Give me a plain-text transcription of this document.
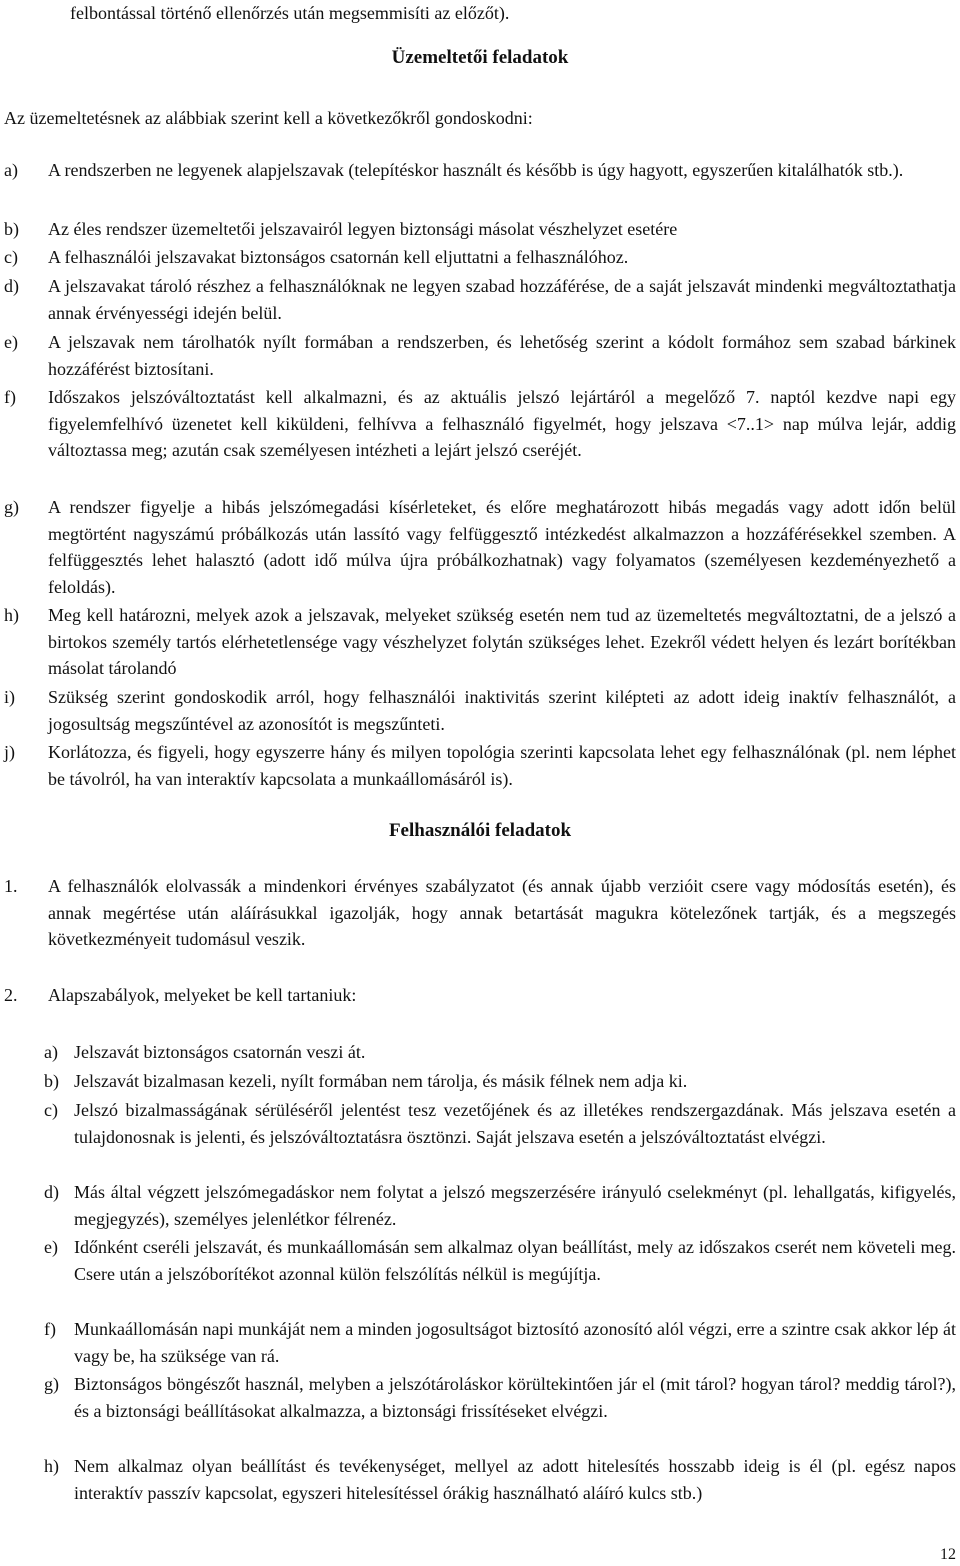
felbontással történő ellenőrzés után megsemmisíti az előzőt).
Üzemeltetői feladatok
Az üzemeltetésnek az alábbiak szerint kell a következőkről gondoskodni:
a)	A rendszerben ne legyenek alapjelszavak (telepítéskor használt és később is úgy hagyott, egyszerűen kitalálhatók stb.).
b)	Az éles rendszer üzemeltetői jelszavairól legyen biztonsági másolat vészhelyzet esetére
c)	A felhasználói jelszavakat biztonságos csatornán kell eljuttatni a felhasználóhoz.
d)	A jelszavakat tároló részhez a felhasználóknak ne legyen szabad hozzáférése, de a saját jelszavát mindenki megváltoztathatja annak érvényességi idején belül.
e)	A jelszavak nem tárolhatók nyílt formában a rendszerben, és lehetőség szerint a kódolt formához sem szabad bárkinek hozzáférést biztosítani.
f)	Időszakos jelszóváltoztatást kell alkalmazni, és az aktuális jelszó lejártáról a megelőző 7. naptól kezdve napi egy figyelemfelhívó üzenetet kell kiküldeni, felhívva a felhasználó figyelmét, hogy jelszava <7..1> nap múlva lejár, addig változtassa meg; azután csak személyesen intézheti a lejárt jelszó cseréjét.
g)	A rendszer figyelje a hibás jelszómegadási kísérleteket, és előre meghatározott hibás megadás vagy adott időn belül megtörtént nagyszámú próbálkozás után lassító vagy felfüggesztő intézkedést alkalmazzon a hozzáférésekkel szemben. A felfüggesztés lehet halasztó (adott idő múlva újra próbálkozhatnak) vagy folyamatos (személyesen kezdeményezhető a feloldás).
h)	Meg kell határozni, melyek azok a jelszavak, melyeket szükség esetén nem tud az üzemeltetés megváltoztatni, de a jelszó a birtokos személy tartós elérhetetlensége vagy vészhelyzet folytán szükséges lehet. Ezekről védett helyen és lezárt borítékban másolat tárolandó
i)	Szükség szerint gondoskodik arról, hogy felhasználói inaktivitás szerint kilépteti az adott ideig inaktív felhasználót, a jogosultság megszűntével az azonosítót is megszűnteti.
j)	Korlátozza, és figyeli, hogy egyszerre hány és milyen topológia szerinti kapcsolata lehet egy felhasználónak (pl. nem léphet be távolról, ha van interaktív kapcsolata a munkaállomásáról is).
Felhasználói feladatok
1.	A felhasználók elolvassák a mindenkori érvényes szabályzatot (és annak újabb verzióit csere vagy módosítás esetén), és annak megértése után aláírásukkal igazolják, hogy annak betartását magukra kötelezőnek tartják, és a megszegés következményeit tudomásul veszik.
2.	Alapszabályok, melyeket be kell tartaniuk:
a) Jelszavát biztonságos csatornán veszi át.
b) Jelszavát bizalmasan kezeli, nyílt formában nem tárolja, és másik félnek nem adja ki.
c) Jelszó bizalmasságának sérüléséről jelentést tesz vezetőjének és az illetékes rendszergazdának. Más jelszava esetén a tulajdonosnak is jelenti, és jelszóváltoztatásra ösztönzi. Saját jelszava esetén a jelszóváltoztatást elvégzi.
d) Más által végzett jelszómegadáskor nem folytat a jelszó megszerzésére irányuló cselekményt (pl. lehallgatás, kifigyelés, megjegyzés), személyes jelenlétkor félrenéz.
e) Időnként cseréli jelszavát, és munkaállomásán sem alkalmaz olyan beállítást, mely az időszakos cserét nem követeli meg. Csere után a jelszóborítékot azonnal külön felszólítás nélkül is megújítja.
f)	Munkaállomásán napi munkáját nem a minden jogosultságot biztosító azonosító alól végzi, erre a szintre csak akkor lép át vagy be, ha szüksége van rá.
g) Biztonságos böngészőt használ, melyben a jelszótároláskor körültekintően jár el (mit tárol? hogyan tárol? meddig tárol?), és a biztonsági beállításokat alkalmazza, a biztonsági frissítéseket elvégzi.
h) Nem alkalmaz olyan beállítást és tevékenységet, mellyel az adott hitelesítés hosszabb ideig is él (pl. egész napos interaktív passzív kapcsolat, egyszeri hitelesítéssel órákig használható aláíró kulcs stb.)
12
